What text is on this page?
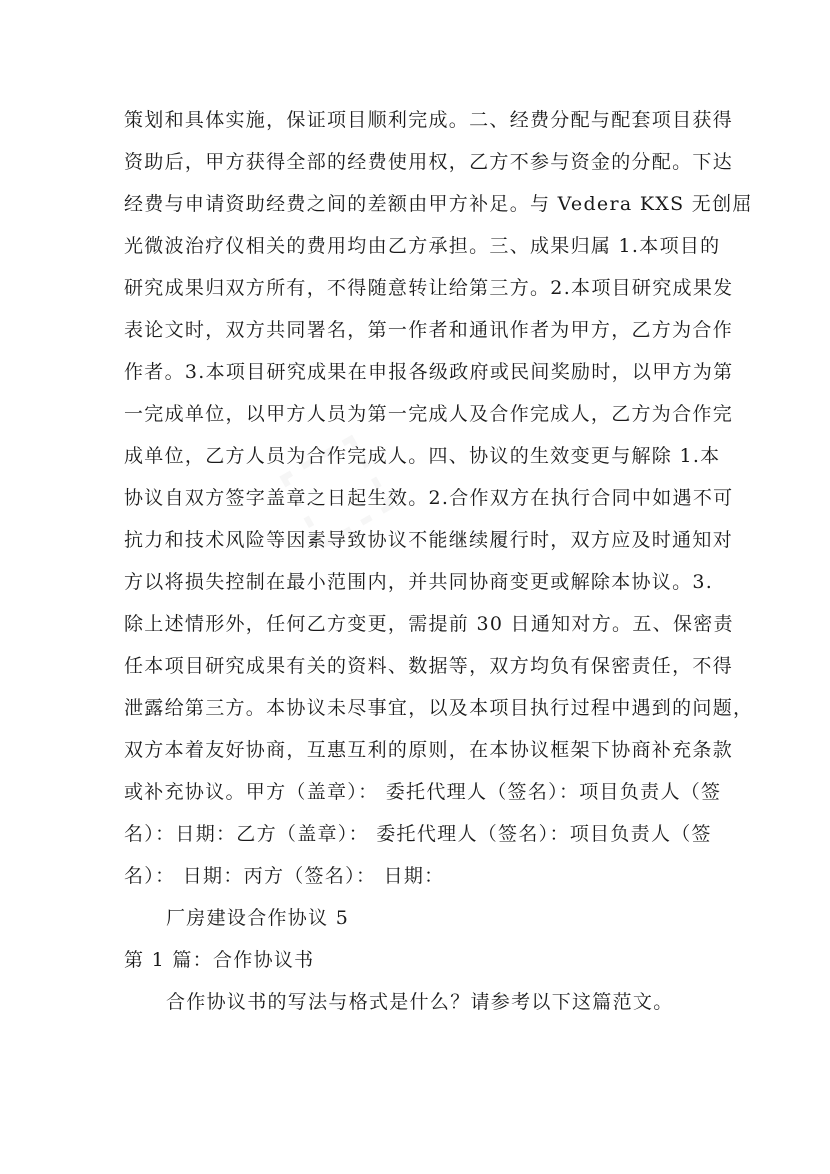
策划和具体实施，保证项目顺利完成。二、经费分配与配套项目获得
资助后，甲方获得全部的经费使用权，乙方不参与资金的分配。下达
经费与申请资助经费之间的差额由甲方补足。与 Vedera KXS 无创屈
光微波治疗仪相关的费用均由乙方承担。三、成果归属 1.本项目的
研究成果归双方所有，不得随意转让给第三方。2.本项目研究成果发
表论文时，双方共同署名，第一作者和通讯作者为甲方，乙方为合作
作者。3.本项目研究成果在申报各级政府或民间奖励时，以甲方为第
一完成单位，以甲方人员为第一完成人及合作完成人，乙方为合作完
成单位，乙方人员为合作完成人。四、协议的生效变更与解除 1.本
协议自双方签字盖章之日起生效。2.合作双方在执行合同中如遇不可
抗力和技术风险等因素导致协议不能继续履行时，双方应及时通知对
方以将损失控制在最小范围内，并共同协商变更或解除本协议。3.
除上述情形外，任何乙方变更，需提前 30 日通知对方。五、保密责
任本项目研究成果有关的资料、数据等，双方均负有保密责任，不得
泄露给第三方。本协议未尽事宜，以及本项目执行过程中遇到的问题，
双方本着友好协商，互惠互利的原则，在本协议框架下协商补充条款
或补充协议。甲方（盖章）： 委托代理人（签名）：项目负责人（签
名）：日期：乙方（盖章）： 委托代理人（签名）：项目负责人（签
名）： 日期：丙方（签名）： 日期：
厂房建设合作协议 5
第 1 篇：合作协议书
合作协议书的写法与格式是什么？请参考以下这篇范文。
